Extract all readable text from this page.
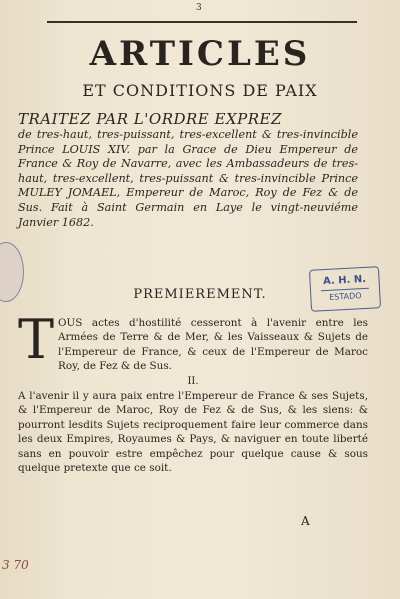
3
ARTICLES
ET CONDITIONS DE PAIX
TRAITEZ PAR L'ORDRE EXPREZ
de tres-haut, tres-puissant, tres-excellent & tres-invincible Prince LOUIS XIV. par la Grace de Dieu Empereur de France & Roy de Navarre, avec les Ambassadeurs de tres-haut, tres-excellent, tres-puissant & tres-invincible Prince MULEY JOMAEL, Empereur de Maroc, Roy de Fez & de Sus. Fait à Saint Germain en Laye le vingt-neuviéme Janvier 1682.
A. H. N.
ESTADO
PREMIEREMENT.
T OUS actes d'hostilité cesseront à l'avenir entre les Armées de Terre & de Mer, & les Vaisseaux & Sujets de l'Empereur de France, & ceux de l'Empereur de Maroc Roy, de Fez & de Sus.
II.
A l'avenir il y aura paix entre l'Empereur de France & ses Sujets, & l'Empereur de Maroc, Roy de Fez & de Sus, & les siens: & pourront lesdits Sujets reciproquement faire leur commerce dans les deux Empires, Royaumes & Pays, & naviguer en toute liberté sans en pouvoir estre empêchez pour quelque cause & sous quelque pretexte que ce soit.
A
3 70
